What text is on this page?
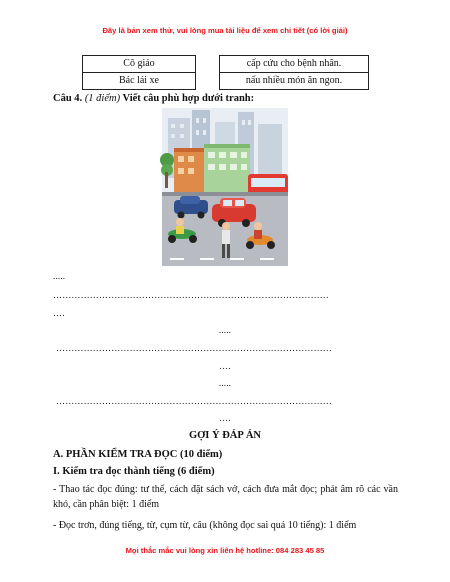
Đây là bản xem thử, vui lòng mua tài liệu để xem chi tiết (có lời giải)
Cô giáo
Bác lái xe
cấp cứu cho bệnh nhân.
nấu nhiều món ăn ngon.
Câu 4. (1 điểm) Viết câu phù hợp dưới tranh:
.....
………………………………………………………………………………
….
.....
………………………………………………………………………………
….
.....
………………………………………………………………………………
….
GỢI Ý ĐÁP ÁN
A. PHẦN KIỂM TRA ĐỌC (10 điểm)
I. Kiểm tra đọc thành tiếng (6 điểm)
- Thao tác đọc đúng: tư thế, cách đặt sách vở, cách đưa mắt đọc; phát âm rõ các vần khó, cần phân biệt: 1 điểm
- Đọc trơn, đúng tiếng, từ, cụm từ, câu (không đọc sai quá 10 tiếng): 1 điểm
Mọi thắc mắc vui lòng xin liên hệ hotline: 084 283 45 85
